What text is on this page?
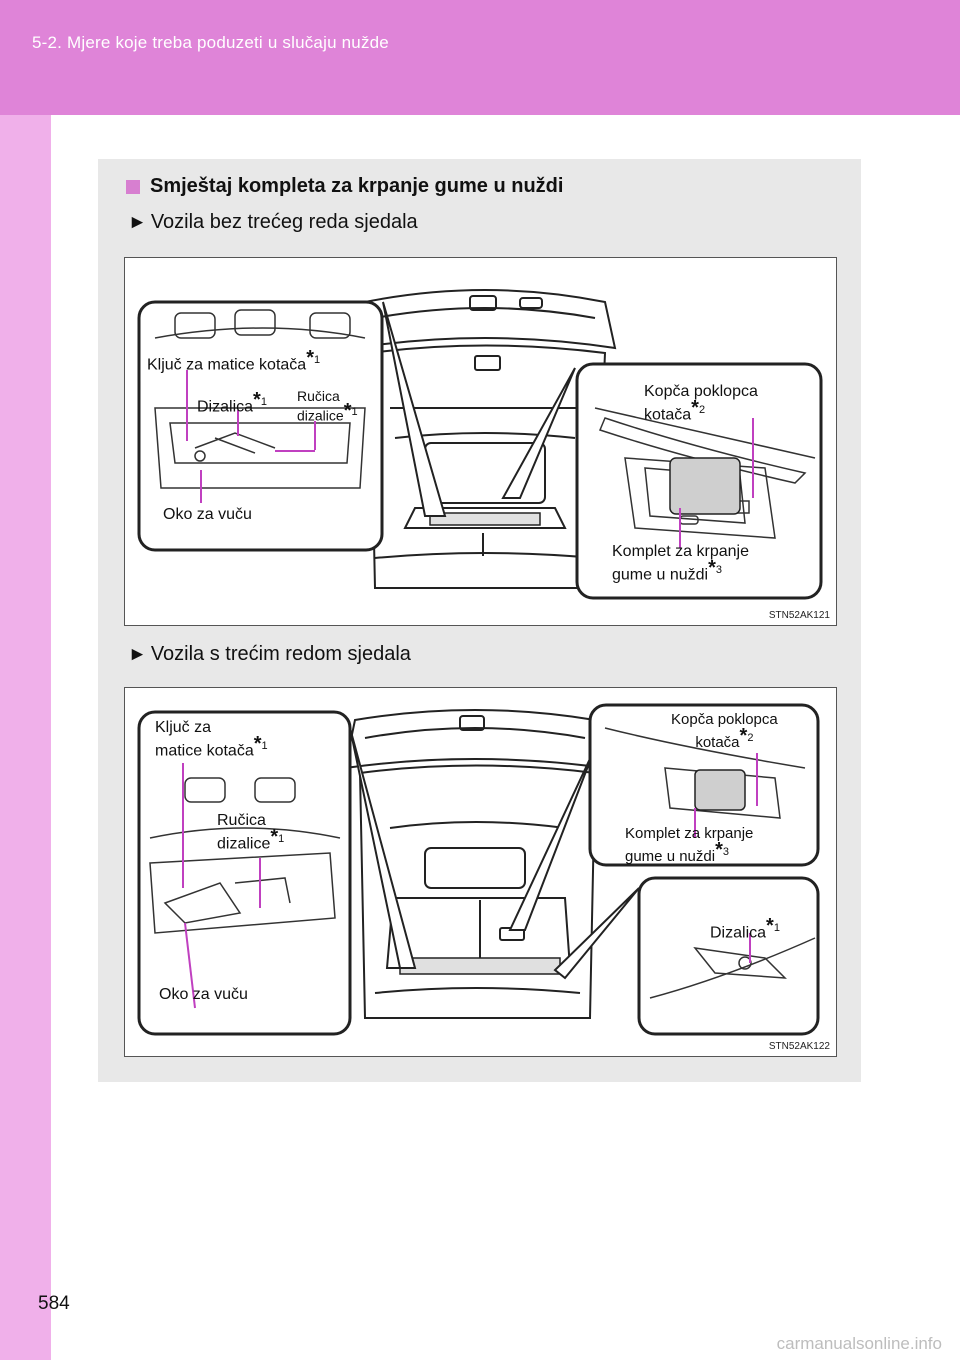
5-2. Mjere koje treba poduzeti u slučaju nužde
584
carmanualsonline.info
Smještaj kompleta za krpanje gume u nuždi
► Vozila bez trećeg reda sjedala
Ključ za matice kotača*$^1$
Dizalica*$^1$ Ručica
dizalice*$^1$
Oko za vuču
Kopča poklopca
kotača*$^2$
Komplet za krpanje
gume u nuždi*$^3$
STN52AK121
► Vozila s trećim redom sjedala
Ključ za
matice kotača*$^1$
Ručica
dizalice*$^1$
Oko za vuču
Kopča poklopca
kotača*$^2$
Komplet za krpanje
gume u nuždi*$^3$
Dizalica*$^1$
STN52AK122
